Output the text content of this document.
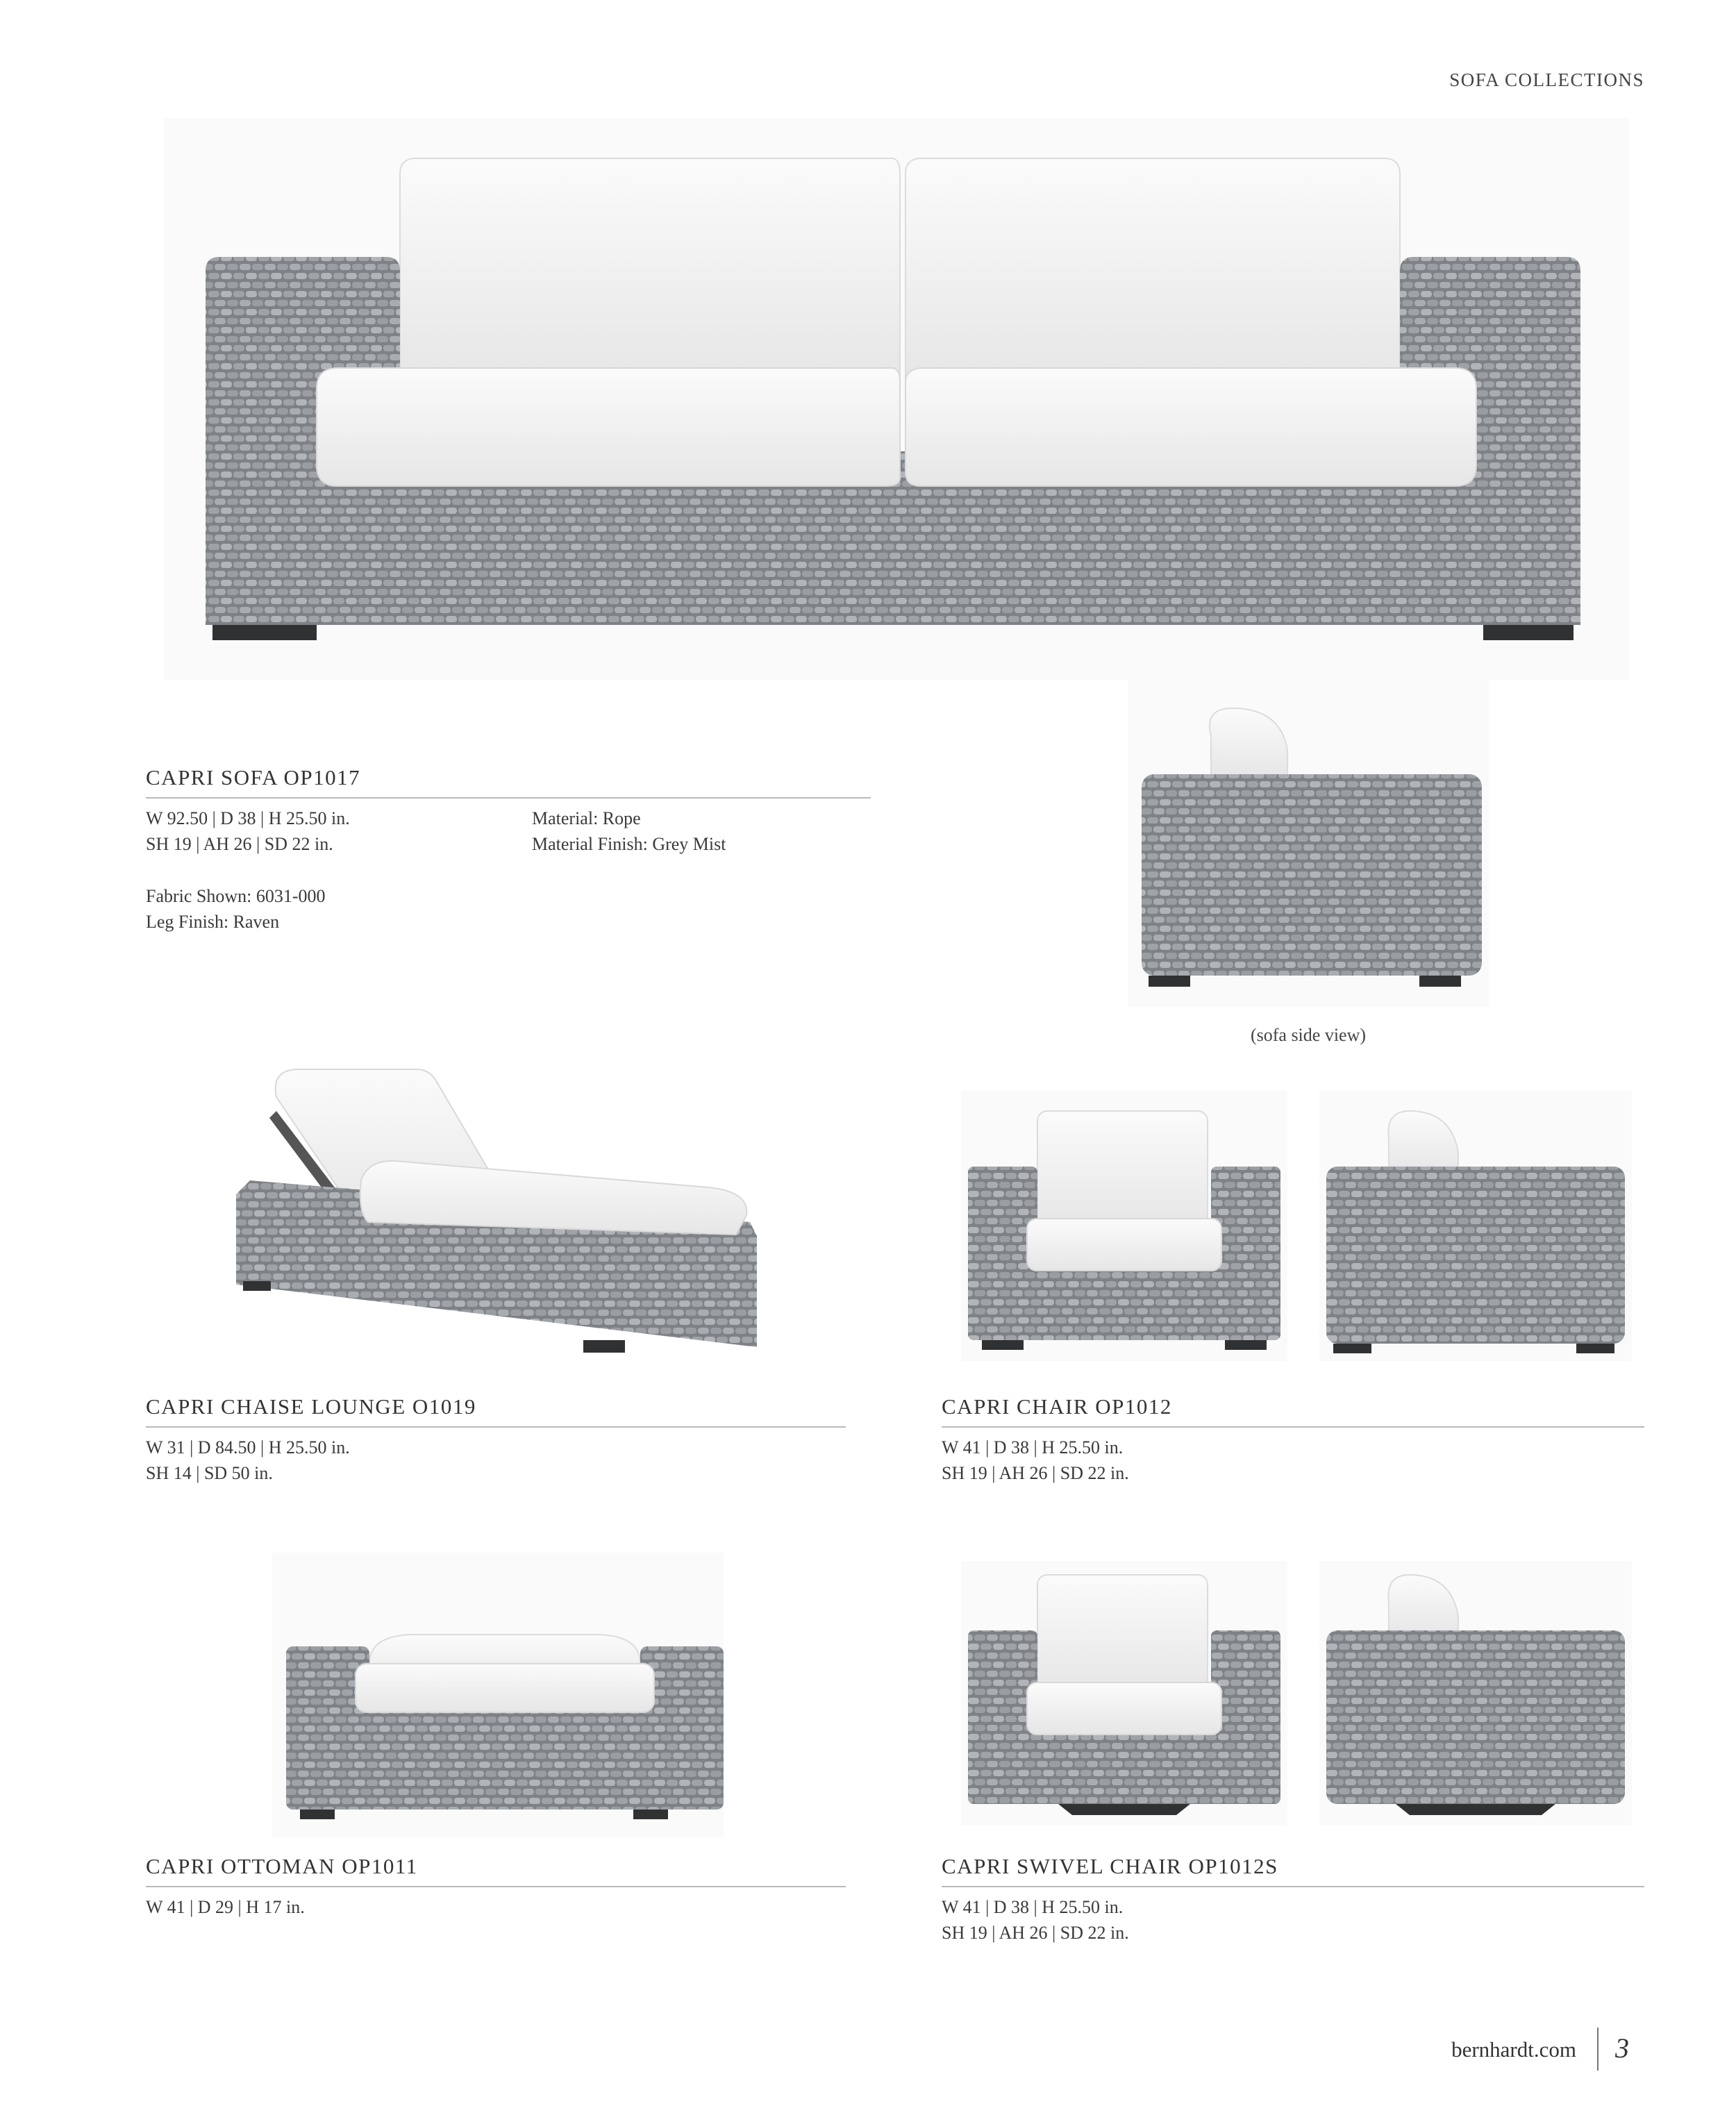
SOFA COLLECTIONS
CAPRI SOFA OP1017
W 92.50 | D 38 | H 25.50 in.
SH 19 | AH 26 | SD 22 in.
Material: Rope
Material Finish: Grey Mist
Fabric Shown: 6031-000
Leg Finish: Raven
(sofa side view)
CAPRI CHAISE LOUNGE O1019
W 31 | D 84.50 | H 25.50 in.
SH 14 | SD 50 in.
CAPRI CHAIR OP1012
W 41 | D 38 | H 25.50 in.
SH 19 | AH 26 | SD 22 in.
CAPRI OTTOMAN OP1011
W 41 | D 29 | H 17 in.
CAPRI SWIVEL CHAIR OP1012S
W 41 | D 38 | H 25.50 in.
SH 19 | AH 26 | SD 22 in.
bernhardt.com 3
